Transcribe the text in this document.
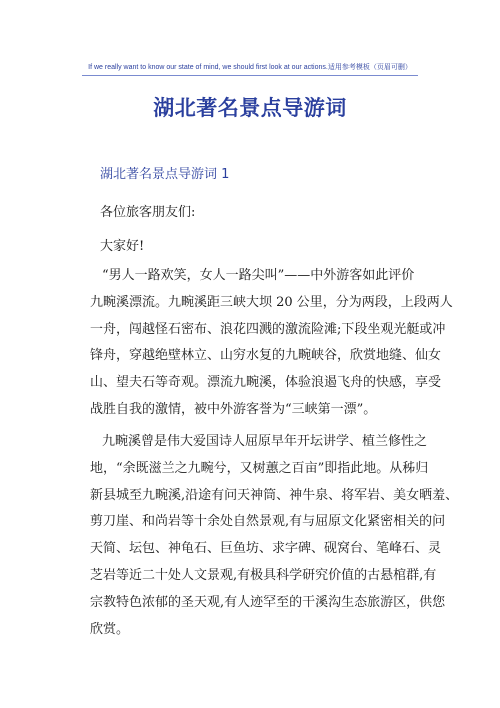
If we really want to know our state of mind, we should first look at our actions.适用参考模板（页眉可删）
湖北著名景点导游词
湖北著名景点导游词 1
各位旅客朋友们:
大家好!
“男人一路欢笑，女人一路尖叫”——中外游客如此评价
九畹溪漂流。九畹溪距三峡大坝 20 公里，分为两段，上段两人
一舟，闯越怪石密布、浪花四溅的激流险滩;下段坐观光艇或冲
锋舟，穿越绝壁林立、山穷水复的九畹峡谷，欣赏地缝、仙女
山、望夫石等奇观。漂流九畹溪，体验浪遏飞舟的快感，享受
战胜自我的激情，被中外游客誉为“三峡第一漂”。
九畹溪曾是伟大爱国诗人屈原早年开坛讲学、植兰修性之
地，“余既滋兰之九畹兮，又树蕙之百亩”即指此地。从秭归
新县城至九畹溪,沿途有问天神筒、神牛泉、将军岩、美女晒羞、
剪刀崖、和尚岩等十余处自然景观,有与屈原文化紧密相关的问
天简、坛包、神龟石、巨鱼坊、求字碑、砚窝台、笔峰石、灵
芝岩等近二十处人文景观,有极具科学研究价值的古悬棺群,有
宗教特色浓郁的圣天观,有人迹罕至的干溪沟生态旅游区，供您
欣赏。
